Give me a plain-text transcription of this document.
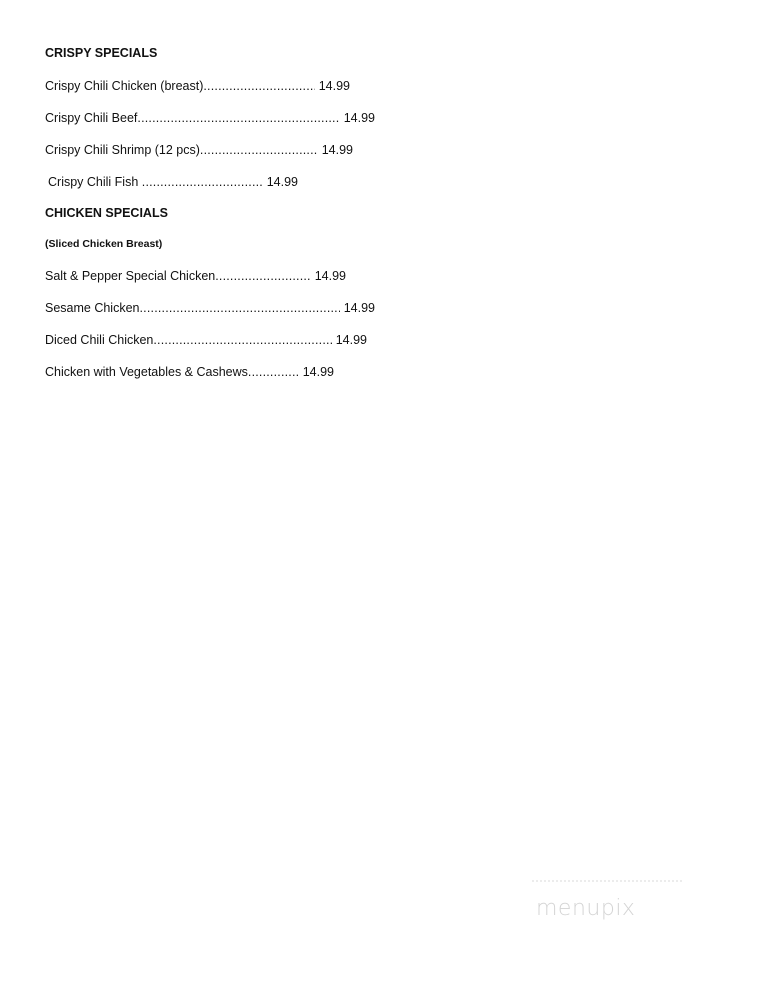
CRISPY SPECIALS
Crispy Chili Chicken (breast) .....	14.99
Crispy Chili Beef .....	14.99
Crispy Chili Shrimp (12 pcs) .....	14.99
Crispy Chili Fish .....	14.99
CHICKEN SPECIALS
(Sliced Chicken Breast)
Salt & Pepper Special Chicken .....	14.99
Sesame Chicken .....	14.99
Diced Chili Chicken .....	14.99
Chicken with Vegetables & Cashews .....	14.99
menupix
